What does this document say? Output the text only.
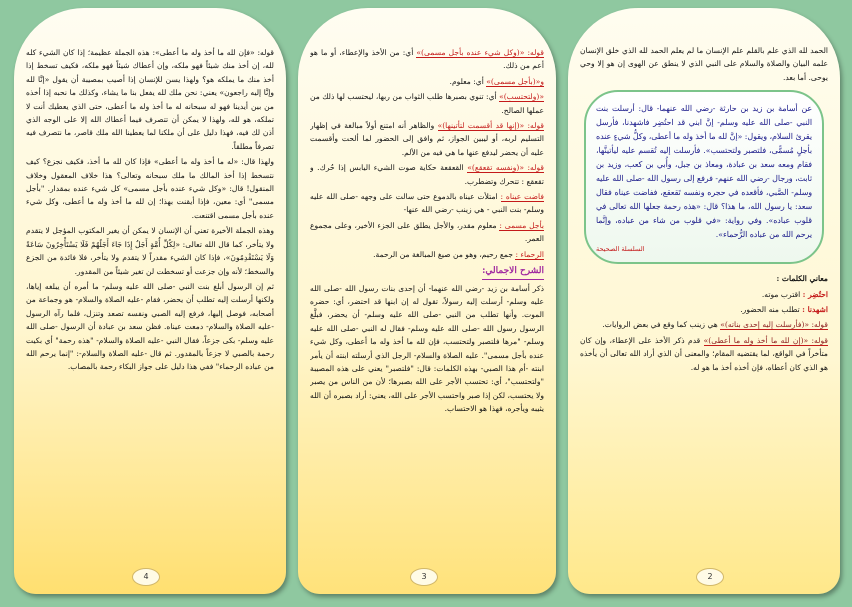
الحمد لله الذي علم بالقلم علم الإنسان ما لم يعلم الحمد لله الذي خلق الإنسان علمه البيان والصلاة والسلام على النبي الذي لا ينطق عن الهوى إن هو إلا وحي يوحى. أما بعد.

عن أسامة بن زيد بن حارثة -رضي الله عنهما- قال: أرسلت بنت النبي -صلى الله عليه وسلم- إنَّ ابني قد احتُضِر فاشهدنا، فأرسل يقرئ السلام، ويقول: «إنَّ لله ما أخذ وله ما أعطى، وكلُّ شيءٍ عنده بأجلٍ مُسمًّى، فلتصبر ولتحتسب». فأرسلت إليه تُقسم عليه ليأتينَّها، فقام ومعه سعد بن عبادة، ومعاذ بن جبل، وأُبي بن كعب، وزيد بن ثابت، ورجال -رضي الله عنهم- فرفع إلى رسول الله -صلى الله عليه وسلم- الصَّبي، فأقعده في حجره ونفسه تَقعقع، ففاضت عيناه فقال سعد: يا رسول الله، ما هذا؟ قال: «هذه رحمة جعلها الله تعالى في قلوب عباده». وفي رواية: «في قلوب من شاء من عباده، وإنَّما يرحم الله من عباده الرُّحماء».
السلسلة الصحيحة

معاني الكلمات :

احتُضِر : اقترب موته.

اشهدنا : تطلب منه الحضور.

قوله: «(فأرسلت إليه إحدى بناته)» هي زينب كما وقع في بعض الروايات.

قوله: «(إن لله ما أخذ وله ما أعطى)» قدم ذكر الأخذ على الإعطاء، وإن كان متأخراً في الواقع، لما يقتضيه المقام؛ والمعنى أن الذي أراد الله تعالى أن يأخذه هو الذي كان أعطاه، فإن أخذه أخذ ما هو له.

2

قوله: «(وكل شيء عنده بأجل مسمى)» أي: من الأخذ والإعطاء، أو ما هو أعم من ذلك.

و«(بأجل مسمى)» أي: معلوم.

«(ولتحتسب)» أي: تنوي بصبرها طلب الثواب من ربها، ليحتسب لها ذلك من عملها الصالح.

قوله: «(إنها قد أقسمت لتأتينها)» والظاهر أنه امتنع أولاً مبالغة في إظهار التسليم لربه، أو ليبين الجواز، ثم وافق إلى الحضور لما ألحت وأقسمت عليه أن يحضر ليدفع عنها ما هي فيه من الألم.

قوله: «(ونفسه تقعقع)» القعقعة حكاية صوت الشيء اليابس إذا حُرك. و تقعقع : تتحرك وتضطرب.

فاضت عيناه : امتلأت عيناه بالدموع حتى سالت على وجهه -صلى الله عليه وسلم- بنت النبي - هي زينب -رضي الله عنها-

بأجل مسمى : معلوم مقدر، والأجل يطلق على الجزء الأخير، وعلى مجموع العمر.

الرحماء : جمع رحيم، وهو من صيغ المبالغة من الرحمة.

الشرح الاجمالي:

ذكر أسامة بن زيد -رضي الله عنهما- أن إحدى بنات رسول الله -صلى الله عليه وسلم- أرسلت إليه رسولاً، تقول له إن ابنها قد احتضر، أي: حضره الموت. وأنها تطلب من النبي -صلى الله عليه وسلم- أن يحضر، فبلَّغ الرسول رسول الله -صلى الله عليه وسلم- فقال له النبي -صلى الله عليه وسلم- "مرها فلتصبر ولتحتسب، فإن لله ما أخذ وله ما أعطى، وكل شيء عنده بأجل مسمى". عليه الصلاة والسلام- الرجل الذي أرسلته ابنته أن يأمر ابنته -أم هذا الصبي- بهذه الكلمات: قال: "فلتصبر" يعني على هذه المصيبة "ولتحتسب"، أي: تحتسب الأجر على الله بصبرها؛ لأن من الناس من يصبر ولا يحتسب، لكن إذا صبر واحتسب الأجر على الله، يعني: أراد بصبره أن الله يثيبه ويأجره، فهذا هو الاحتساب.

3

قوله: «فإن لله ما أخذ وله ما أعطى»: هذه الجملة عظيمة؛ إذا كان الشيء كله لله، إن أخذ منك شيئاً فهو ملكه، وإن أعطاك شيئاً فهو ملكه، فكيف تسخط إذا أخذ منك ما يملكه هو؟ ولهذا يسن للإنسان إذا أصيب بمصيبة أن يقول «إنَّا لله وإنَّا إليه راجعون» يعني: نحن ملك لله يفعل بنا ما يشاء، وكذلك ما نحبه إذا أخذه من بين أيدينا فهو له سبحانه له ما أخذ وله ما أعطى، حتى الذي يعطيك أنت لا تملكه، هو لله، ولهذا لا يمكن أن تتصرف فيما أعطاك الله إلا على الوجه الذي أذن لك فيه، فهذا دليل على أن ملكنا لما يعطينا الله ملك قاصر، ما نتصرف فيه تصرفاً مطلقاً.

ولهذا قال: «له ما أخذ وله ما أعطى» فإذا كان لله ما أخذ، فكيف نجزع؟ كيف نتسخط إذا أخذ المالك ما ملك سبحانه وتعالى؟ هذا خلاف المعقول وخلاف المنقول! قال: «وكل شيء عنده بأجل مسمى» كل شيء عنده بمقدار. "بأجل مسمى" أي: معين، فإذا أيقنت بهذا؛ إن لله ما أخذ وله ما أعطى، وكل شيء عنده بأجل مسمى اقتنعت.

وهذه الجملة الأخيرة تعني أن الإنسان لا يمكن أن يغير المكتوب المؤجل لا يتقدم ولا يتأخر، كما قال الله تعالى: «لِكُلِّ أُمَّةٍ أَجَلٌ إِذَا جَاءَ أَجَلُهُمْ فَلَا يَسْتَأْخِرُونَ سَاعَةً وَلَا يَسْتَقْدِمُونَ»، فإذا كان الشيء مقدراً لا يتقدم ولا يتأخر، فلا فائدة من الجزع والسخط؛ لأنه وإن جزعت أو تسخطت لن تغير شيئاً من المقدور.

ثم إن الرسول أبلغ بنت النبي -صلى الله عليه وسلم- ما أمره أن يبلغه إياها، ولكنها أرسلت إليه تطلب أن يحضر، فقام -عليه الصلاة والسلام- هو وجماعة من أصحابه، فوصل إليها، فرفع إليه الصبي ونفسه تصعد وتنزل، فلما رآه الرسول -عليه الصلاة والسلام- دمعت عيناه. فظن سعد بن عبادة أن الرسول -صلى الله عليه وسلم- بكى جزعاً، فقال النبي -عليه الصلاة والسلام- "هذه رحمة" أي بكيت رحمة بالصبي لا جزعاً بالمقدور. ثم قال -عليه الصلاة والسلام-: "إنما يرحم الله من عباده الرحماء" ففي هذا دليل على جواز البكاء رحمة بالمصاب.

4
